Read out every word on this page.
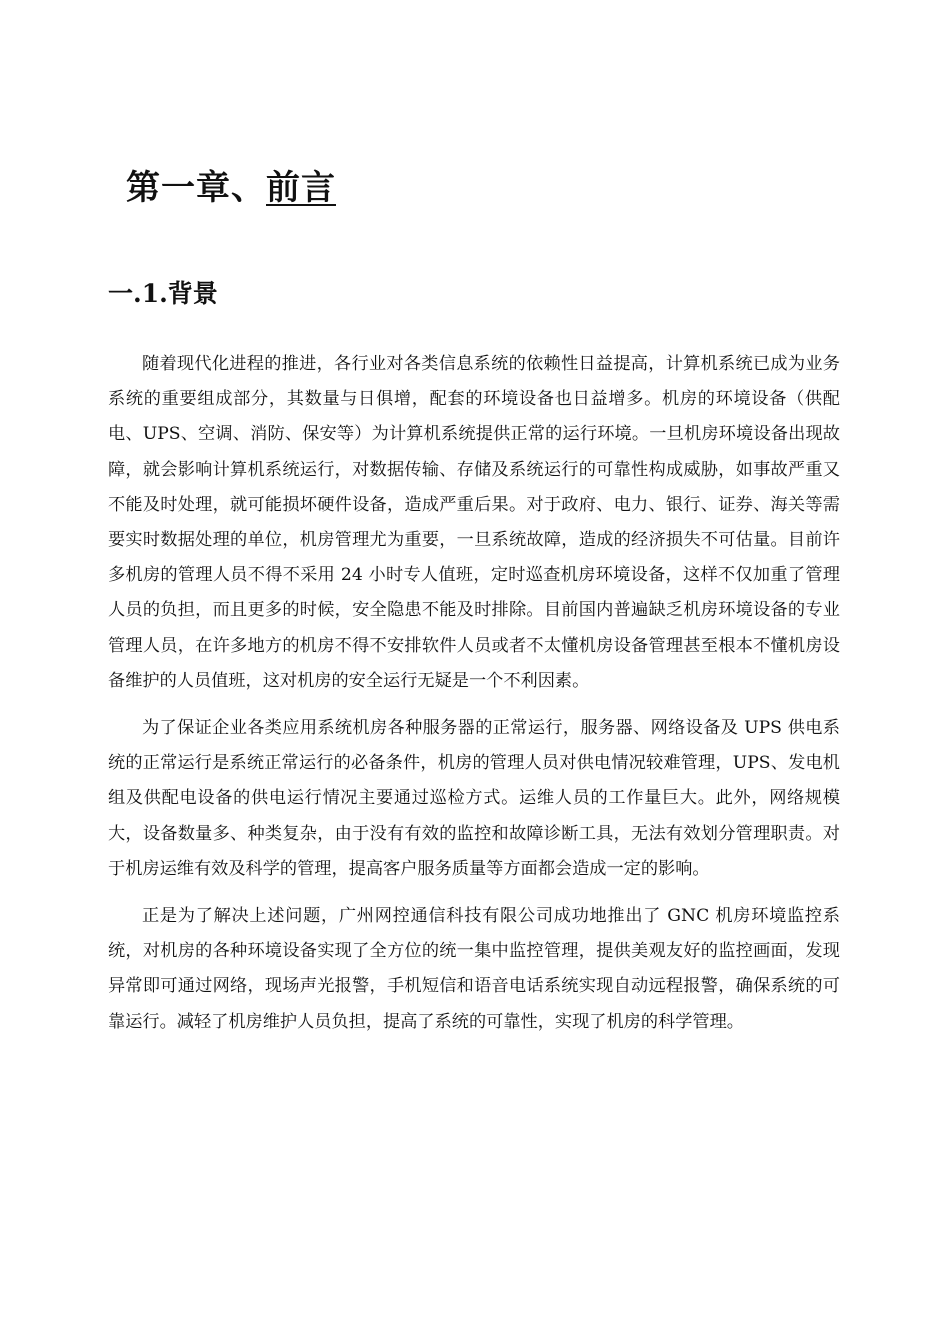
第一章、前言
一.1.背景

随着现代化进程的推进，各行业对各类信息系统的依赖性日益提高，计算机系统已成为业务系统的重要组成部分，其数量与日俱增，配套的环境设备也日益增多。机房的环境设备（供配电、UPS、空调、消防、保安等）为计算机系统提供正常的运行环境。一旦机房环境设备出现故障，就会影响计算机系统运行，对数据传输、存储及系统运行的可靠性构成威胁，如事故严重又不能及时处理，就可能损坏硬件设备，造成严重后果。对于政府、电力、银行、证券、海关等需要实时数据处理的单位，机房管理尤为重要，一旦系统故障，造成的经济损失不可估量。目前许多机房的管理人员不得不采用 24 小时专人值班，定时巡查机房环境设备，这样不仅加重了管理人员的负担，而且更多的时候，安全隐患不能及时排除。目前国内普遍缺乏机房环境设备的专业管理人员，在许多地方的机房不得不安排软件人员或者不太懂机房设备管理甚至根本不懂机房设备维护的人员值班，这对机房的安全运行无疑是一个不利因素。

为了保证企业各类应用系统机房各种服务器的正常运行，服务器、网络设备及 UPS 供电系统的正常运行是系统正常运行的必备条件，机房的管理人员对供电情况较难管理，UPS、发电机组及供配电设备的供电运行情况主要通过巡检方式。运维人员的工作量巨大。此外，网络规模大，设备数量多、种类复杂，由于没有有效的监控和故障诊断工具，无法有效划分管理职责。对于机房运维有效及科学的管理，提高客户服务质量等方面都会造成一定的影响。

正是为了解决上述问题，广州网控通信科技有限公司成功地推出了 GNC 机房环境监控系统，对机房的各种环境设备实现了全方位的统一集中监控管理，提供美观友好的监控画面，发现异常即可通过网络，现场声光报警，手机短信和语音电话系统实现自动远程报警，确保系统的可靠运行。减轻了机房维护人员负担，提高了系统的可靠性，实现了机房的科学管理。
